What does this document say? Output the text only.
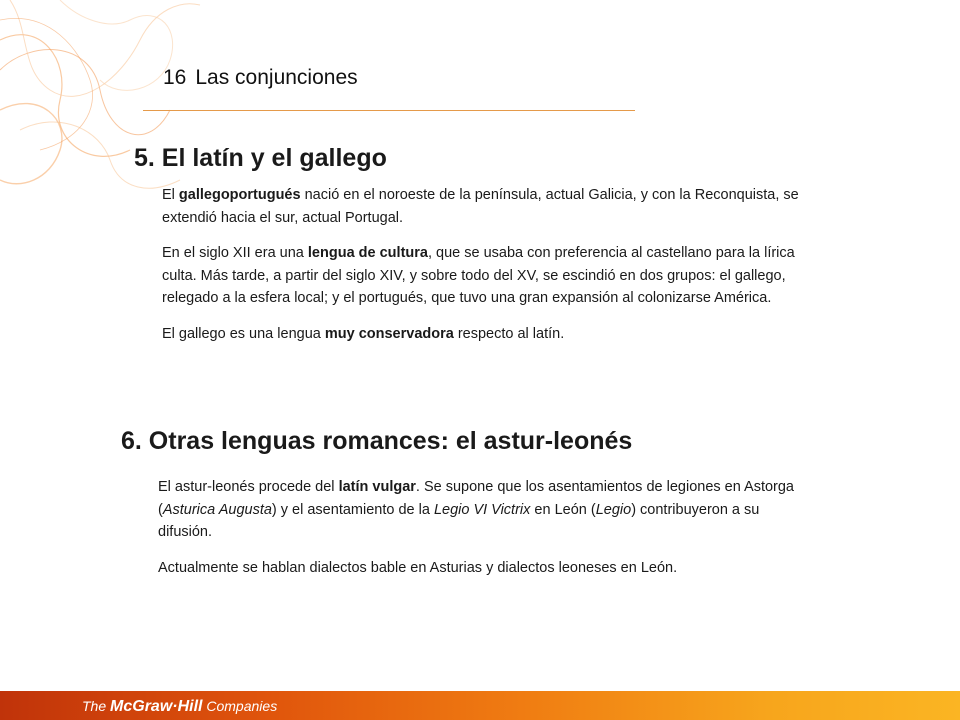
16 Las conjunciones
5. El latín y el gallego

El gallegoportugués nació en el noroeste de la península, actual Galicia, y con la Reconquista, se extendió hacia el sur, actual Portugal.

En el siglo XII era una lengua de cultura, que se usaba con preferencia al castellano para la lírica culta. Más tarde, a partir del siglo XIV, y sobre todo del XV, se escindió en dos grupos: el gallego, relegado a la esfera local; y el portugués, que tuvo una gran expansión al colonizarse América.

El gallego es una lengua muy conservadora respecto al latín.

6. Otras lenguas romances: el astur-leonés

El astur-leonés procede del latín vulgar. Se supone que los asentamientos de legiones en Astorga (Asturica Augusta) y el asentamiento de la Legio VI Victrix en León (Legio) contribuyeron a su difusión.

Actualmente se hablan dialectos bable en Asturias y dialectos leoneses en León.

The McGraw·Hill Companies
